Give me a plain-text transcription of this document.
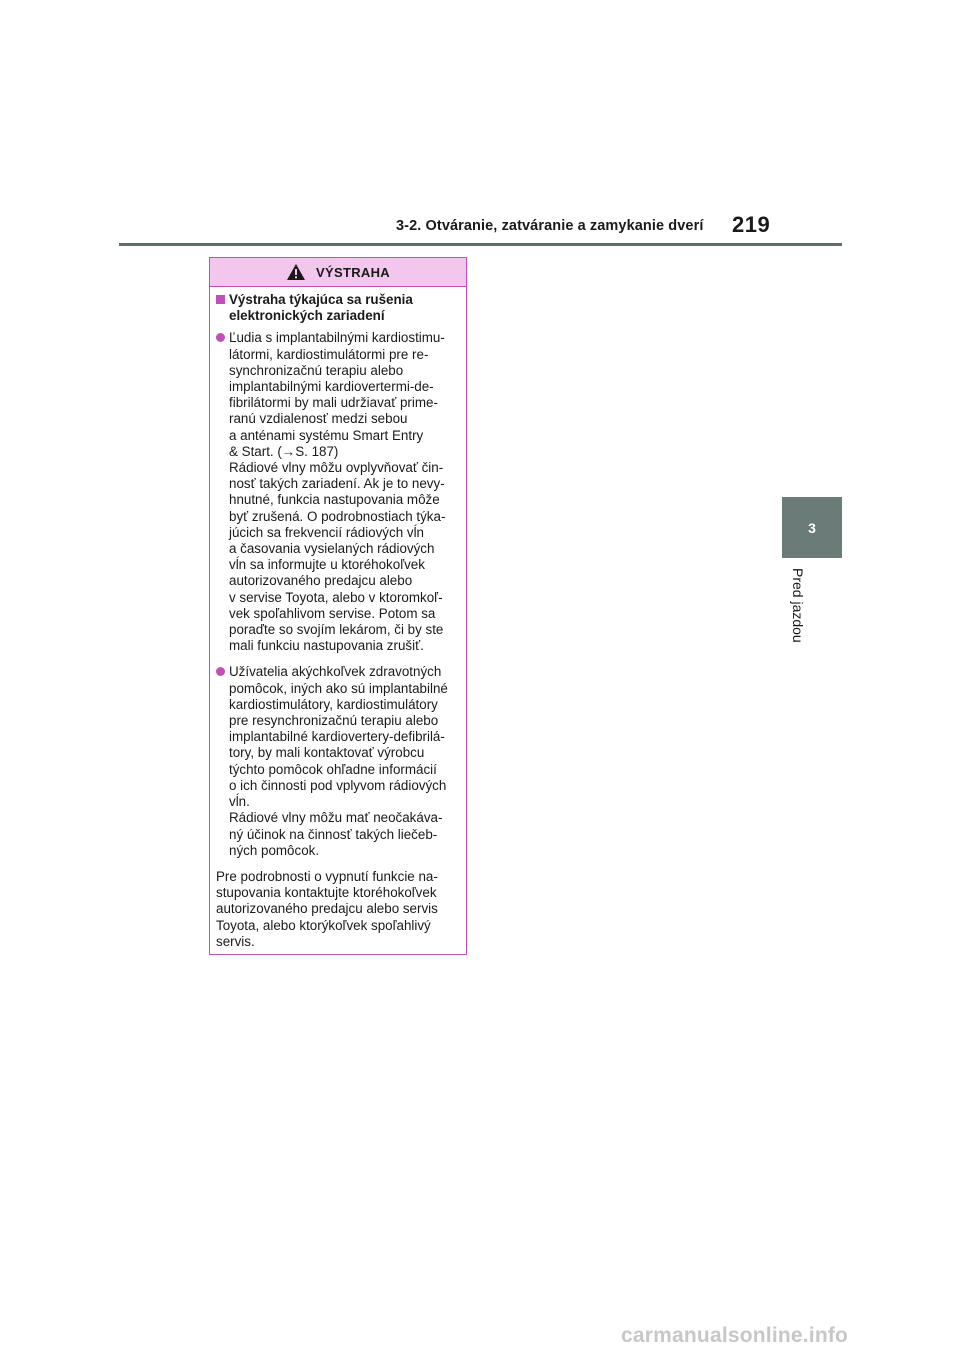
3-2. Otváranie, zatváranie a zamykanie dverí 219
3
Pred jazdou
VÝSTRAHA
Výstraha týkajúca sa rušenia
elektronických zariadení
Ľudia s implantabilnými kardiostimu-
látormi, kardiostimulátormi pre re-
synchronizačnú terapiu alebo
implantabilnými kardiovertermi-de-
fibrilátormi by mali udržiavať prime-
ranú vzdialenosť medzi sebou
a anténami systému Smart Entry
& Start. (→S. 187)
Rádiové vlny môžu ovplyvňovať čin-
nosť takých zariadení. Ak je to nevy-
hnutné, funkcia nastupovania môže
byť zrušená. O podrobnostiach týka-
júcich sa frekvencií rádiových vĺn
a časovania vysielaných rádiových
vĺn sa informujte u ktoréhokoľvek
autorizovaného predajcu alebo
v servise Toyota, alebo v ktoromkoľ-
vek spoľahlivom servise. Potom sa
poraďte so svojím lekárom, či by ste
mali funkciu nastupovania zrušiť.
Užívatelia akýchkoľvek zdravotných
pomôcok, iných ako sú implantabilné
kardiostimulátory, kardiostimulátory
pre resynchronizačnú terapiu alebo
implantabilné kardiovertery-defibrilá-
tory, by mali kontaktovať výrobcu
týchto pomôcok ohľadne informácií
o ich činnosti pod vplyvom rádiových
vĺn.
Rádiové vlny môžu mať neočakáva-
ný účinok na činnosť takých liečeb-
ných pomôcok.
Pre podrobnosti o vypnutí funkcie na-
stupovania kontaktujte ktoréhokoľvek
autorizovaného predajcu alebo servis
Toyota, alebo ktorýkoľvek spoľahlivý
servis.
carmanualsonline.info
